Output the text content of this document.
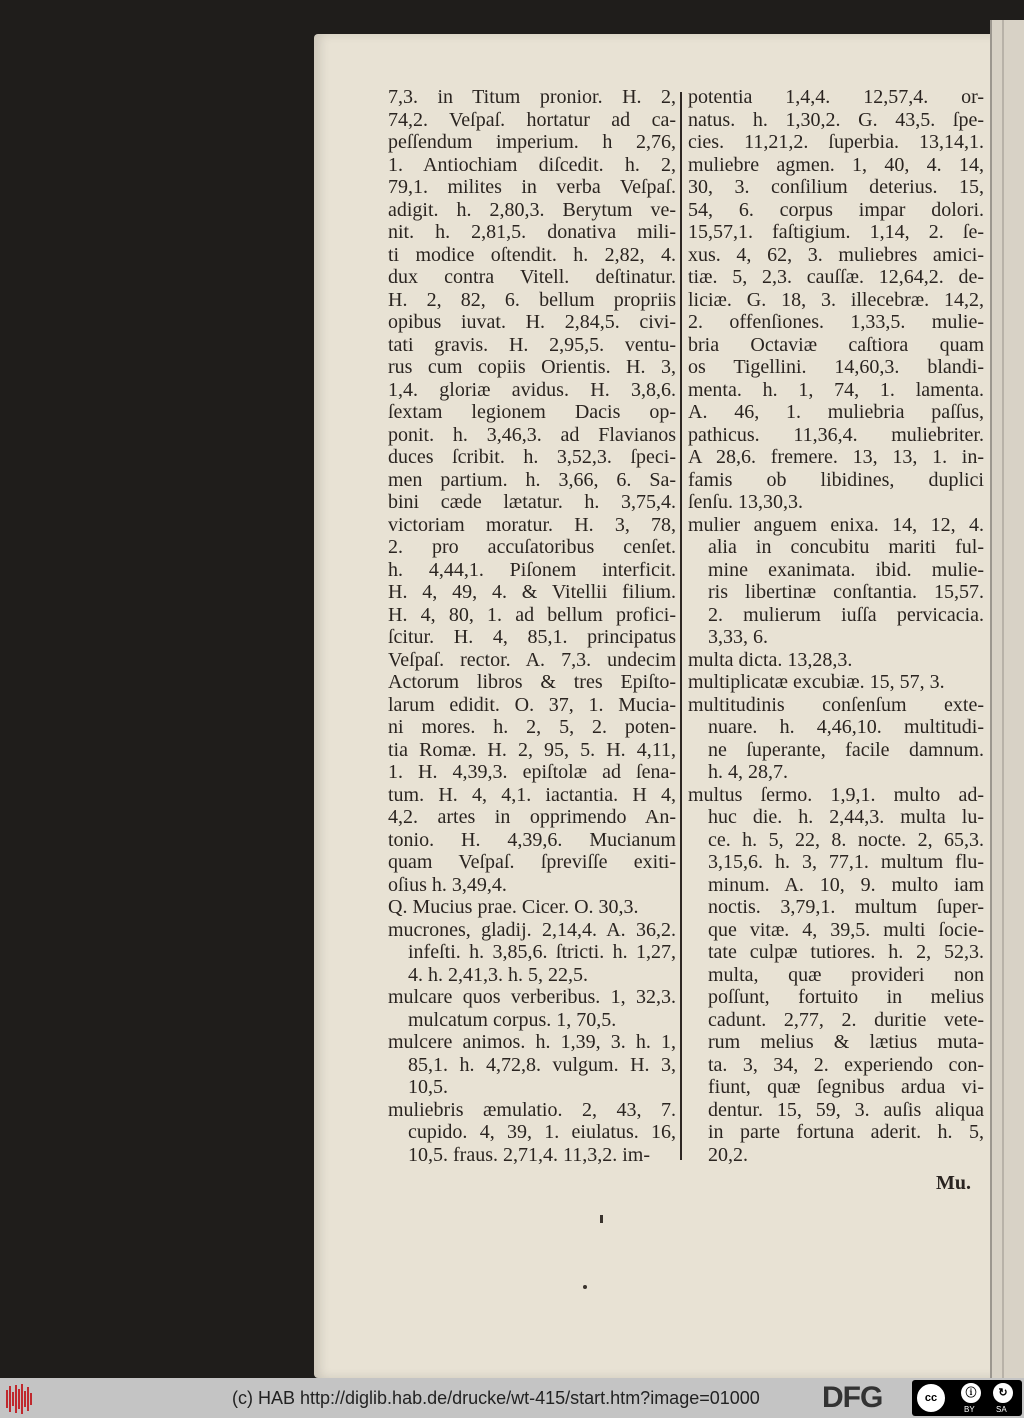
7,3. in Titum pronior. H. 2,
74,2. Veſpaſ. hortatur ad ca-
peſſendum imperium. h 2,76,
1. Antiochiam diſcedit. h. 2,
79,1. milites in verba Veſpaſ.
adigit. h. 2,80,3. Berytum ve-
nit. h. 2,81,5. donativa mili-
ti modice oſtendit. h. 2,82, 4.
dux contra Vitell. deſtinatur.
H. 2, 82, 6. bellum propriis
opibus iuvat. H. 2,84,5. civi-
tati gravis. H. 2,95,5. ventu-
rus cum copiis Orientis. H. 3,
1,4. gloriæ avidus. H. 3,8,6.
ſextam legionem Dacis op-
ponit. h. 3,46,3. ad Flavianos
duces ſcribit. h. 3,52,3. ſpeci-
men partium. h. 3,66, 6. Sa-
bini cæde lætatur. h. 3,75,4.
victoriam moratur. H. 3, 78,
2. pro accuſatoribus cenſet.
h. 4,44,1. Piſonem interficit.
H. 4, 49, 4. & Vitellii filium.
H. 4, 80, 1. ad bellum profici-
ſcitur. H. 4, 85,1. principatus
Veſpaſ. rector. A. 7,3. undecim
Actorum libros & tres Epiſto-
larum edidit. O. 37, 1. Mucia-
ni mores. h. 2, 5, 2. poten-
tia Romæ. H. 2, 95, 5. H. 4,11,
1. H. 4,39,3. epiſtolæ ad ſena-
tum. H. 4, 4,1. iactantia. H 4,
4,2. artes in opprimendo An-
tonio. H. 4,39,6. Mucianum
quam Veſpaſ. ſpreviſſe exiti-
oſius h. 3,49,4.
Q. Mucius prae. Cicer. O. 30,3.
mucrones, gladij. 2,14,4. A. 36,2.
infeſti. h. 3,85,6. ſtricti. h. 1,27,
4. h. 2,41,3. h. 5, 22,5.
mulcare quos verberibus. 1, 32,3.
mulcatum corpus. 1, 70,5.
mulcere animos. h. 1,39, 3. h. 1,
85,1. h. 4,72,8. vulgum. H. 3,
10,5.
muliebris æmulatio. 2, 43, 7.
cupido. 4, 39, 1. eiulatus. 16,
10,5. fraus. 2,71,4. 11,3,2. im-
potentia 1,4,4. 12,57,4. or-
natus. h. 1,30,2. G. 43,5. ſpe-
cies. 11,21,2. ſuperbia. 13,14,1.
muliebre agmen. 1, 40, 4. 14,
30, 3. conſilium deterius. 15,
54, 6. corpus impar dolori.
15,57,1. faſtigium. 1,14, 2. ſe-
xus. 4, 62, 3. muliebres amici-
tiæ. 5, 2,3. cauſſæ. 12,64,2. de-
liciæ. G. 18, 3. illecebræ. 14,2,
2. offenſiones. 1,33,5. mulie-
bria Octaviæ caſtiora quam
os Tigellini. 14,60,3. blandi-
menta. h. 1, 74, 1. lamenta.
A. 46, 1. muliebria paſſus,
pathicus. 11,36,4. muliebriter.
A 28,6. fremere. 13, 13, 1. in-
famis ob libidines, duplici
ſenſu. 13,30,3.
mulier anguem enixa. 14, 12, 4.
alia in concubitu mariti ful-
mine exanimata. ibid. mulie-
ris libertinæ conſtantia. 15,57.
2. mulierum iuſſa pervicacia.
3,33, 6.
multa dicta. 13,28,3.
multiplicatæ excubiæ. 15, 57, 3.
multitudinis conſenſum exte-
nuare. h. 4,46,10. multitudi-
ne ſuperante, facile damnum.
h. 4, 28,7.
multus ſermo. 1,9,1. multo ad-
huc die. h. 2,44,3. multa lu-
ce. h. 5, 22, 8. nocte. 2, 65,3.
3,15,6. h. 3, 77,1. multum flu-
minum. A. 10, 9. multo iam
noctis. 3,79,1. multum ſuper-
que vitæ. 4, 39,5. multi ſocie-
tate culpæ tutiores. h. 2, 52,3.
multa, quæ provideri non
poſſunt, fortuito in melius
cadunt. 2,77, 2. duritie vete-
rum melius & lætius muta-
ta. 3, 34, 2. experiendo con-
fiunt, quæ ſegnibus ardua vi-
dentur. 15, 59, 3. auſis aliqua
in parte fortuna aderit. h. 5,
20,2.
Mu.
(c) HAB http://diglib.hab.de/drucke/wt-415/start.htm?image=01000 DFG	cc	ⓘ	↻
BY	SA
